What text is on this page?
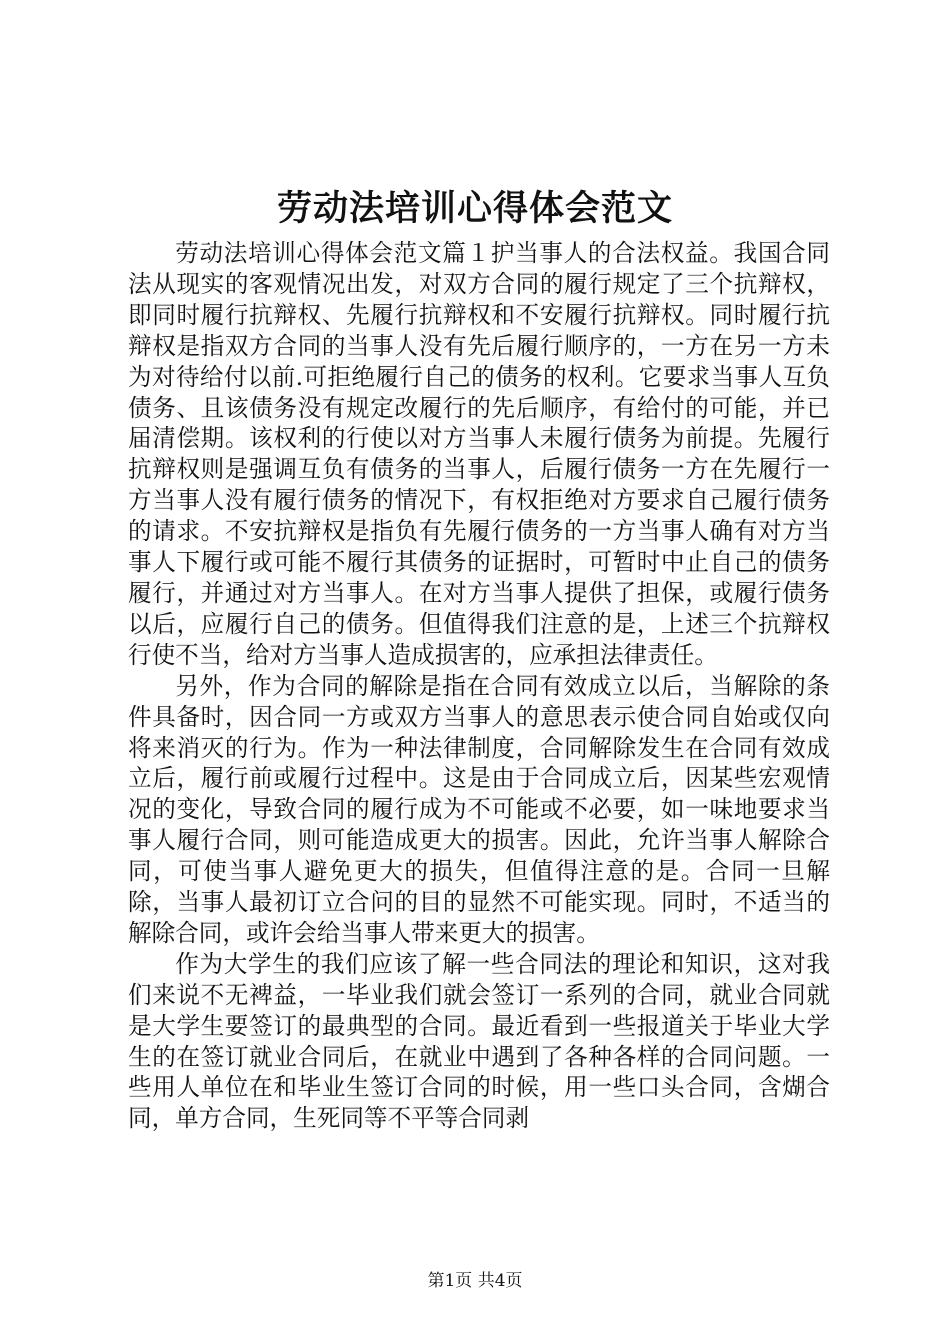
劳动法培训心得体会范文

劳动法培训心得体会范文篇１护当事人的合法权益。我国合同法从现实的客观情况出发，对双方合同的履行规定了三个抗辩权，即同时履行抗辩权、先履行抗辩权和不安履行抗辩权。同时履行抗辩权是指双方合同的当事人没有先后履行顺序的，一方在另一方未为对待给付以前.可拒绝履行自己的债务的权利。它要求当事人互负债务、且该债务没有规定改履行的先后顺序，有给付的可能，并已届清偿期。该权利的行使以对方当事人未履行债务为前提。先履行抗辩权则是强调互负有债务的当事人，后履行债务一方在先履行一方当事人没有履行债务的情况下，有权拒绝对方要求自己履行债务的请求。不安抗辩权是指负有先履行债务的一方当事人确有对方当事人下履行或可能不履行其债务的证据时，可暂时中止自己的债务履行，并通过对方当事人。在对方当事人提供了担保，或履行债务以后，应履行自己的债务。但值得我们注意的是，上述三个抗辩权行使不当，给对方当事人造成损害的，应承担法律责任。

另外，作为合同的解除是指在合同有效成立以后，当解除的条件具备时，因合同一方或双方当事人的意思表示使合同自始或仅向将来消灭的行为。作为一种法律制度，合同解除发生在合同有效成立后，履行前或履行过程中。这是由于合同成立后，因某些宏观情况的变化，导致合同的履行成为不可能或不必要，如一味地要求当事人履行合同，则可能造成更大的损害。因此，允许当事人解除合同，可使当事人避免更大的损失，但值得注意的是。合同一旦解除，当事人最初订立合问的目的显然不可能实现。同时，不适当的解除合同，或许会给当事人带来更大的损害。

作为大学生的我们应该了解一些合同法的理论和知识，这对我们来说不无裨益，一毕业我们就会签订一系列的合同，就业合同就是大学生要签订的最典型的合同。最近看到一些报道关于毕业大学生的在签订就业合同后，在就业中遇到了各种各样的合同问题。一些用人单位在和毕业生签订合同的时候，用一些口头合同，含煳合同，单方合同，生死同等不平等合同剥

第1页 共4页
